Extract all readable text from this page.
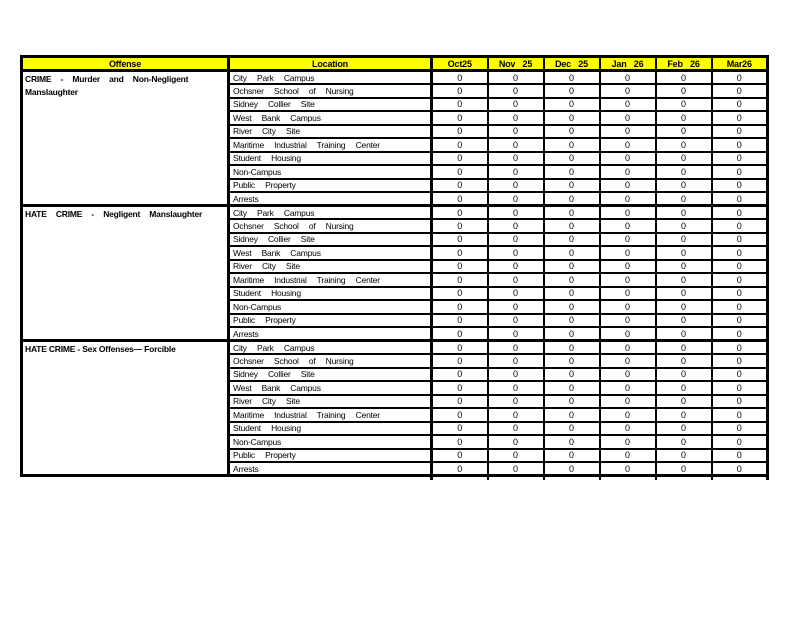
Offense	Location	Oct25	Nov 25	Dec 25	Jan 26	Feb 26	Mar26
CRIME - Murder and Non-Negligent Manslaughter	City Park Campus	0	0	0	0	0	0
	Ochsner School of Nursing	0	0	0	0	0	0
	Sidney Collier Site	0	0	0	0	0	0
	West Bank Campus	0	0	0	0	0	0
	River City Site	0	0	0	0	0	0
	Maritime Industrial Training Center	0	0	0	0	0	0
	Student Housing	0	0	0	0	0	0
	Non-Campus	0	0	0	0	0	0
	Public Property	0	0	0	0	0	0
	Arrests	0	0	0	0	0	0
HATE CRIME - Negligent Manslaughter	City Park Campus	0	0	0	0	0	0
	Ochsner School of Nursing	0	0	0	0	0	0
	Sidney Collier Site	0	0	0	0	0	0
	West Bank Campus	0	0	0	0	0	0
	River City Site	0	0	0	0	0	0
	Maritime Industrial Training Center	0	0	0	0	0	0
	Student Housing	0	0	0	0	0	0
	Non-Campus	0	0	0	0	0	0
	Public Property	0	0	0	0	0	0
	Arrests	0	0	0	0	0	0
HATE CRIME - Sex Offenses— Forcible	City Park Campus	0	0	0	0	0	0
	Ochsner School of Nursing	0	0	0	0	0	0
	Sidney Collier Site	0	0	0	0	0	0
	West Bank Campus	0	0	0	0	0	0
	River City Site	0	0	0	0	0	0
	Maritime Industrial Training Center	0	0	0	0	0	0
	Student Housing	0	0	0	0	0	0
	Non-Campus	0	0	0	0	0	0
	Public Property	0	0	0	0	0	0
	Arrests	0	0	0	0	0	0
